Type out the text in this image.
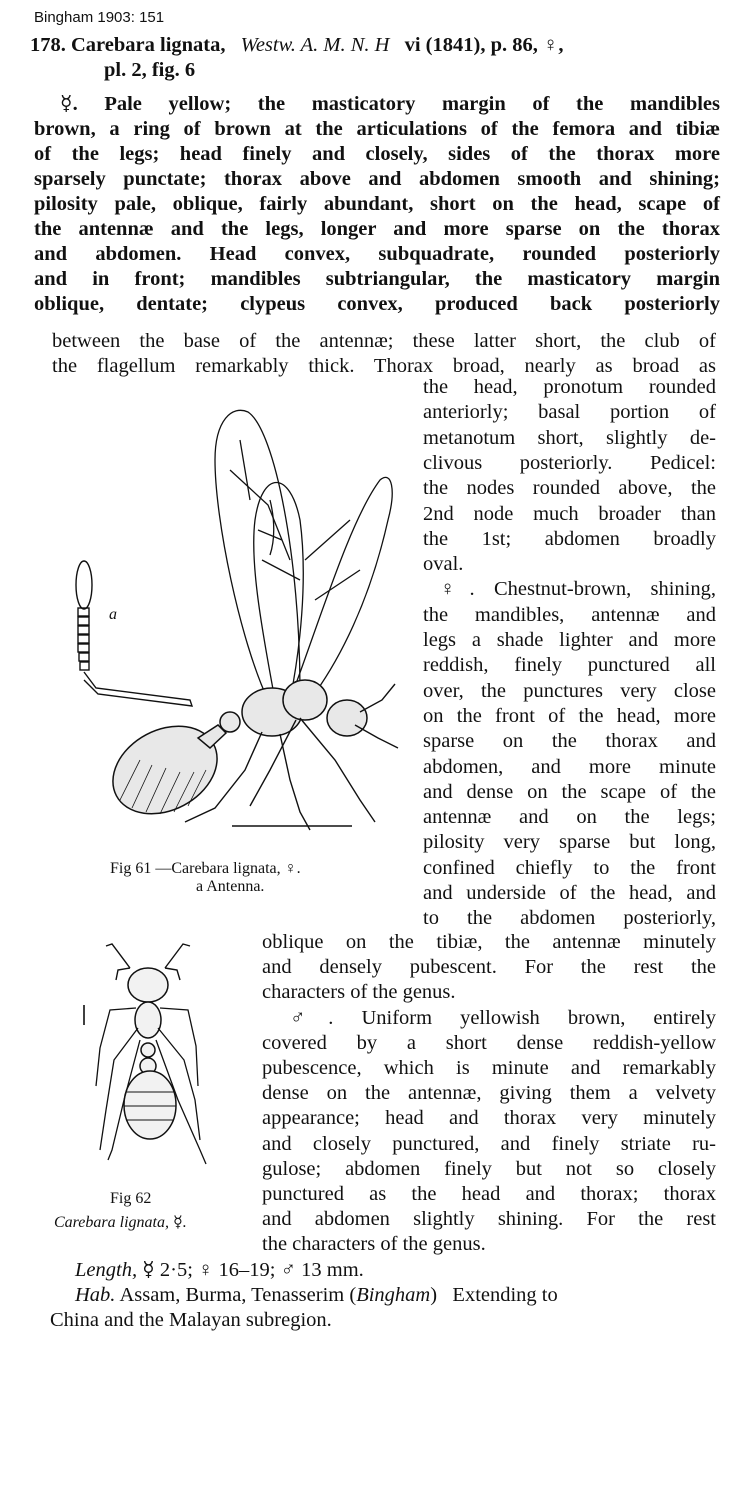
Bingham 1903: 151
178. Carebara lignata, Westw. A. M. N. H vi (1841), p. 86, ♀,
pl. 2, fig. 6
☿. Pale yellow; the masticatory margin of the mandibles
brown, a ring of brown at the articulations of the femora and tibiæ
of the legs; head finely and closely, sides of the thorax more
sparsely punctate; thorax above and abdomen smooth and shining;
pilosity pale, oblique, fairly abundant, short on the head, scape of
the antennæ and the legs, longer and more sparse on the thorax
and abdomen. Head convex, subquadrate, rounded posteriorly
and in front; mandibles subtriangular, the masticatory margin
oblique, dentate; clypeus convex, produced back posteriorly
between the base of the antennæ; these latter short, the club of
the flagellum remarkably thick. Thorax broad, nearly as broad as
the head, pronotum rounded
anteriorly; basal portion of
metanotum short, slightly de-
clivous posteriorly. Pedicel:
the nodes rounded above, the
2nd node much broader than
the 1st; abdomen broadly
oval.
♀. Chestnut-brown, shining,
the mandibles, antennæ and
legs a shade lighter and more
reddish, finely punctured all
over, the punctures very close
on the front of the head, more
sparse on the thorax and
abdomen, and more minute
and dense on the scape of the
antennæ and on the legs;
pilosity very sparse but long,
confined chiefly to the front
and underside of the head, and
to the abdomen posteriorly,
oblique on the tibiæ, the antennæ minutely
and densely pubescent. For the rest the
characters of the genus.
♂. Uniform yellowish brown, entirely
covered by a short dense reddish-yellow
pubescence, which is minute and remarkably
dense on the antennæ, giving them a velvety
appearance; head and thorax very minutely
and closely punctured, and finely striate ru-
gulose; abdomen finely but not so closely
punctured as the head and thorax; thorax
and abdomen slightly shining. For the rest
the characters of the genus.
a
Fig 61 —Carebara lignata, ♀.
a Antenna.
Fig 62
Carebara lignata, ☿.
Length, ☿ 2·5; ♀ 16–19; ♂ 13 mm.
Hab. Assam, Burma, Tenasserim (Bingham)   Extending to
China and the Malayan subregion.
